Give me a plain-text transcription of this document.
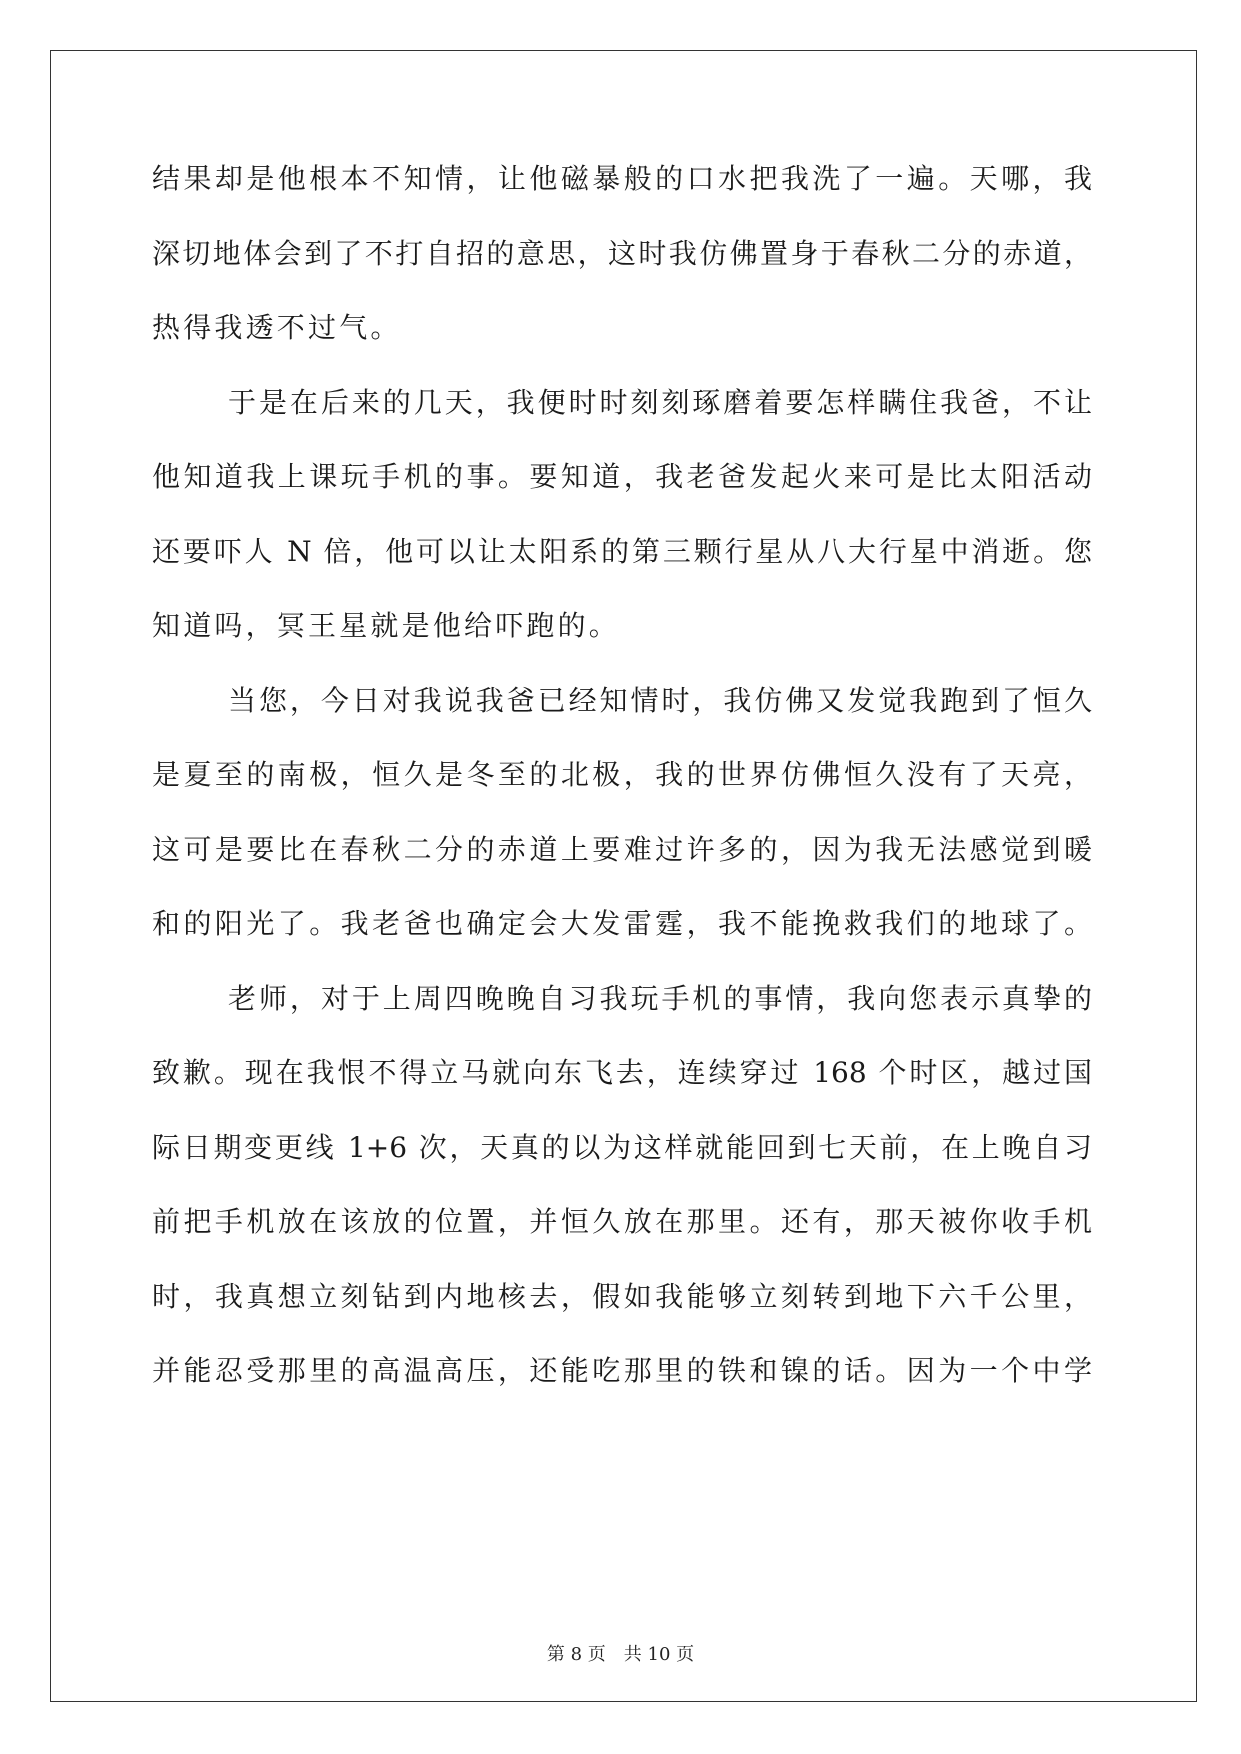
结果却是他根本不知情，让他磁暴般的口水把我洗了一遍。天哪，我
深切地体会到了不打自招的意思，这时我仿佛置身于春秋二分的赤道，
热得我透不过气。
于是在后来的几天，我便时时刻刻琢磨着要怎样瞒住我爸，不让
他知道我上课玩手机的事。要知道，我老爸发起火来可是比太阳活动
还要吓人 N 倍，他可以让太阳系的第三颗行星从八大行星中消逝。您
知道吗，冥王星就是他给吓跑的。
当您，今日对我说我爸已经知情时，我仿佛又发觉我跑到了恒久
是夏至的南极，恒久是冬至的北极，我的世界仿佛恒久没有了天亮，
这可是要比在春秋二分的赤道上要难过许多的，因为我无法感觉到暖
和的阳光了。我老爸也确定会大发雷霆，我不能挽救我们的地球了。
老师，对于上周四晚晚自习我玩手机的事情，我向您表示真挚的
致歉。现在我恨不得立马就向东飞去，连续穿过 168 个时区，越过国
际日期变更线 1+6 次，天真的以为这样就能回到七天前，在上晚自习
前把手机放在该放的位置，并恒久放在那里。还有，那天被你收手机
时，我真想立刻钻到内地核去，假如我能够立刻转到地下六千公里，
并能忍受那里的高温高压，还能吃那里的铁和镍的话。因为一个中学
第 8 页 共 10 页
